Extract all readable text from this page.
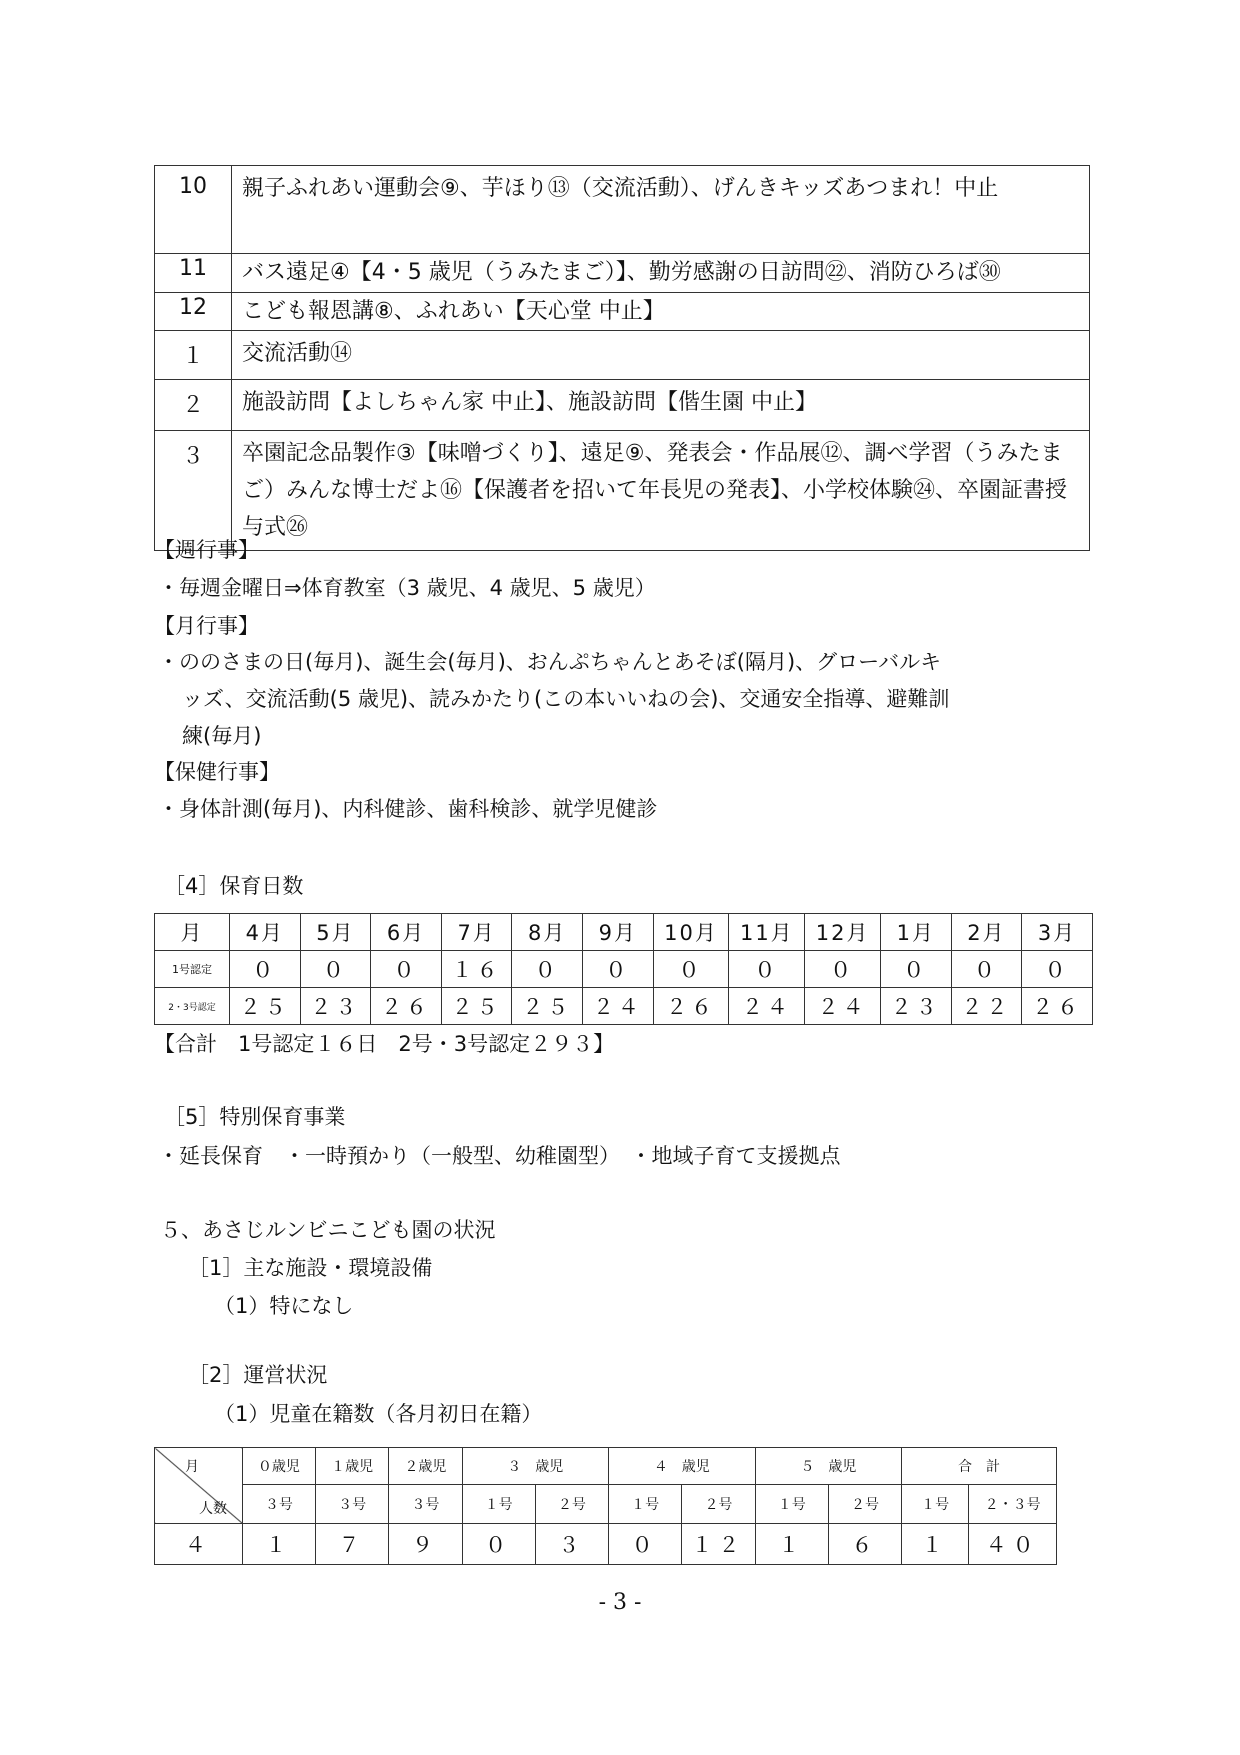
10	親子ふれあい運動会⑨、芋ほり⑬（交流活動）、げんきキッズあつまれ！中止
11	バス遠足④【4・5 歳児（うみたまご）】、勤労感謝の日訪問㉒、消防ひろば㉚
12	こども報恩講⑧、ふれあい【天心堂 中止】
１	交流活動⑭
２	施設訪問【よしちゃん家 中止】、施設訪問【偕生園 中止】
３	卒園記念品製作③【味噌づくり】、遠足⑨、発表会・作品展⑫、調べ学習（うみたまご）みんな博士だよ⑯【保護者を招いて年長児の発表】、小学校体験㉔、卒園証書授与式㉖
【週行事】
・毎週金曜日⇒体育教室（3 歳児、4 歳児、5 歳児）
【月行事】
・ののさまの日(毎月)、誕生会(毎月)、おんぷちゃんとあそぼ(隔月)、グローバルキ
ッズ、交流活動(5 歳児)、読みかたり(この本いいねの会)、交通安全指導、避難訓
練(毎月)
【保健行事】
・身体計測(毎月)、内科健診、歯科検診、就学児健診
［4］保育日数
月	4月	5月	6月	7月	8月	9月	10月	11月	12月	1月	2月	3月
1号認定	０	０	０	１６	０	０	０	０	０	０	０	０
2・3号認定	２５	２３	２６	２５	２５	２４	２６	２４	２４	２３	２２	２６
【合計　1号認定１６日　2号・3号認定２９３】
［5］特別保育事業
・延長保育　・一時預かり（一般型、幼稚園型）　・地域子育て支援拠点
５、あさじルンビニこども園の状況
［1］主な施設・環境設備
（1）特になし
［2］運営状況
（1）児童在籍数（各月初日在籍）
月
人数	０歳児	１歳児	２歳児	３　歳児		４　歳児		５　歳児		合　計	
	３号	３号	３号	１号	２号	１号	２号	１号	２号	１号	２・３号
４	１	７	９	０	３	０	１２	１	６	１	４０
- 3 -
